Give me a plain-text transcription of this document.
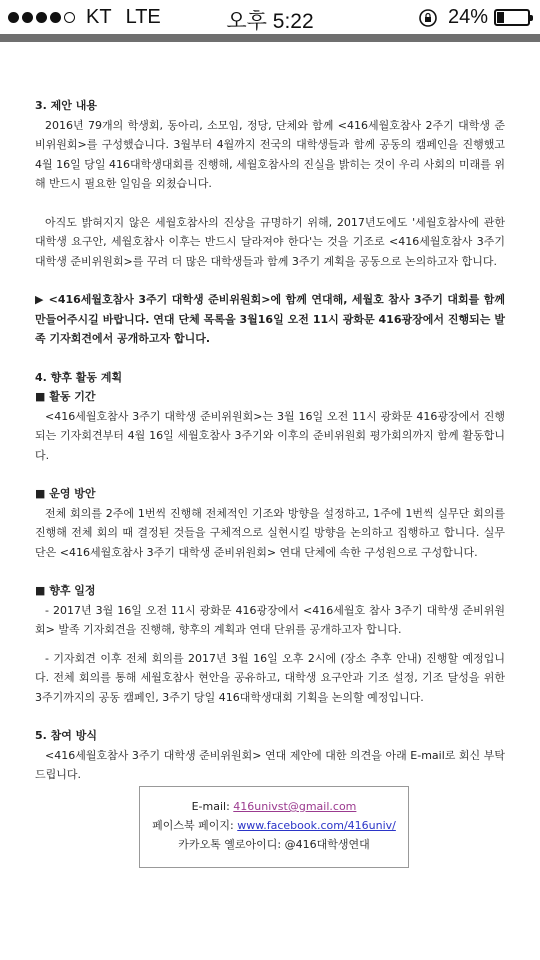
KT LTE	오후 5:22	24%

3. 제안 내용

2016년 79개의 학생회, 동아리, 소모임, 정당, 단체와 함께 <416세월호참사 2주기 대학생 준비위원회>를 구성했습니다. 3월부터 4월까지 전국의 대학생들과 함께 공동의 캠페인을 진행했고 4월 16일 당일 416대학생대회를 진행해, 세월호참사의 진실을 밝히는 것이 우리 사회의 미래를 위해 반드시 필요한 일임을 외쳤습니다.

아직도 밝혀지지 않은 세월호참사의 진상을 규명하기 위해, 2017년도에도 '세월호참사에 관한 대학생 요구안, 세월호참사 이후는 반드시 달라져야 한다'는 것을 기조로 <416세월호참사 3주기 대학생 준비위원회>를 꾸려 더 많은 대학생들과 함께 3주기 계획을 공동으로 논의하고자 합니다.

▶ <416세월호참사 3주기 대학생 준비위원회>에 함께 연대해, 세월호 참사 3주기 대회를 함께 만들어주시길 바랍니다. 연대 단체 목록을 3월16일 오전 11시 광화문 416광장에서 진행되는 발족 기자회견에서 공개하고자 합니다.

4. 향후 활동 계획

■ 활동 기간

<416세월호참사 3주기 대학생 준비위원회>는 3월 16일 오전 11시 광화문 416광장에서 진행되는 기자회견부터 4월 16일 세월호참사 3주기와 이후의 준비위원회 평가회의까지 함께 활동합니다.

■ 운영 방안

전체 회의를 2주에 1번씩 진행해 전체적인 기조와 방향을 설정하고, 1주에 1번씩 실무단 회의를 진행해 전체 회의 때 결정된 것들을 구체적으로 실현시킬 방향을 논의하고 집행하고 합니다. 실무단은 <416세월호참사 3주기 대학생 준비위원회> 연대 단체에 속한 구성원으로 구성합니다.

■ 향후 일정

- 2017년 3월 16일 오전 11시 광화문 416광장에서 <416세월호 참사 3주기 대학생 준비위원회> 발족 기자회견을 진행해, 향후의 계획과 연대 단위를 공개하고자 합니다.

- 기자회견 이후 전체 회의를 2017년 3월 16일 오후 2시에 (장소 추후 안내) 진행할 예정입니다. 전체 회의를 통해 세월호참사 현안을 공유하고, 대학생 요구안과 기조 설정, 기조 달성을 위한 3주기까지의 공동 캠페인, 3주기 당일 416대학생대회 기획을 논의할 예정입니다.

5. 참여 방식

<416세월호참사 3주기 대학생 준비위원회> 연대 제안에 대한 의견을 아래 E-mail로 회신 부탁드립니다.

E-mail: 416univst@gmail.com
페이스북 페이지: www.facebook.com/416univ/
카카오톡 옐로아이디: @416대학생연대
